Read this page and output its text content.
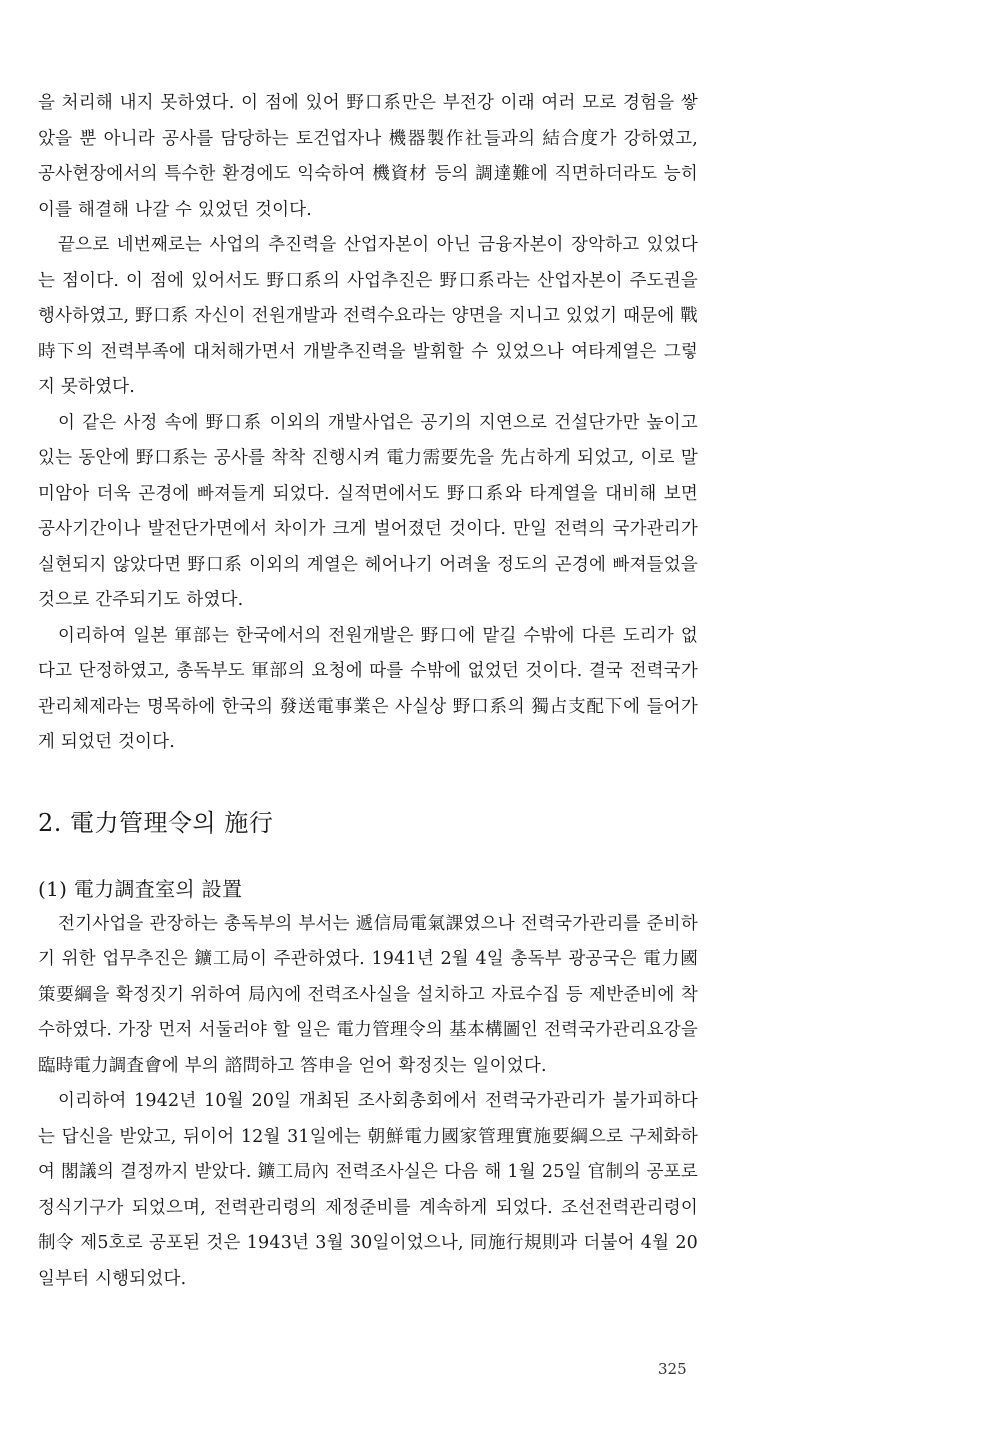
을 처리해 내지 못하였다. 이 점에 있어 野口系만은 부전강 이래 여러 모로 경험을 쌓았을 뿐 아니라 공사를 담당하는 토건업자나 機器製作社들과의 結合度가 강하였고, 공사현장에서의 특수한 환경에도 익숙하여 機資材 등의 調達難에 직면하더라도 능히 이를 해결해 나갈 수 있었던 것이다.

끝으로 네번째로는 사업의 추진력을 산업자본이 아닌 금융자본이 장악하고 있었다는 점이다. 이 점에 있어서도 野口系의 사업추진은 野口系라는 산업자본이 주도권을 행사하였고, 野口系 자신이 전원개발과 전력수요라는 양면을 지니고 있었기 때문에 戰時下의 전력부족에 대처해가면서 개발추진력을 발휘할 수 있었으나 여타계열은 그렇지 못하였다.

이 같은 사정 속에 野口系 이외의 개발사업은 공기의 지연으로 건설단가만 높이고 있는 동안에 野口系는 공사를 착착 진행시켜 電力需要先을 先占하게 되었고, 이로 말미암아 더욱 곤경에 빠져들게 되었다. 실적면에서도 野口系와 타계열을 대비해 보면 공사기간이나 발전단가면에서 차이가 크게 벌어졌던 것이다. 만일 전력의 국가관리가 실현되지 않았다면 野口系 이외의 계열은 헤어나기 어려울 정도의 곤경에 빠져들었을 것으로 간주되기도 하였다.

이리하여 일본 軍部는 한국에서의 전원개발은 野口에 맡길 수밖에 다른 도리가 없다고 단정하였고, 총독부도 軍部의 요청에 따를 수밖에 없었던 것이다. 결국 전력국가관리체제라는 명목하에 한국의 發送電事業은 사실상 野口系의 獨占支配下에 들어가게 되었던 것이다.

2. 電力管理令의 施行
(1) 電力調査室의 設置

전기사업을 관장하는 총독부의 부서는 遞信局電氣課였으나 전력국가관리를 준비하기 위한 업무추진은 鑛工局이 주관하였다. 1941년 2월 4일 총독부 광공국은 電力國策要綱을 확정짓기 위하여 局內에 전력조사실을 설치하고 자료수집 등 제반준비에 착수하였다. 가장 먼저 서둘러야 할 일은 電力管理令의 基本構圖인 전력국가관리요강을 臨時電力調査會에 부의 諮問하고 答申을 얻어 확정짓는 일이었다.

이리하여 1942년 10월 20일 개최된 조사회총회에서 전력국가관리가 불가피하다는 답신을 받았고, 뒤이어 12월 31일에는 朝鮮電力國家管理實施要綱으로 구체화하여 閣議의 결정까지 받았다. 鑛工局內 전력조사실은 다음 해 1월 25일 官制의 공포로 정식기구가 되었으며, 전력관리령의 제정준비를 계속하게 되었다. 조선전력관리령이 制令 제5호로 공포된 것은 1943년 3월 30일이었으나, 同施行規則과 더불어 4월 20일부터 시행되었다.

325
